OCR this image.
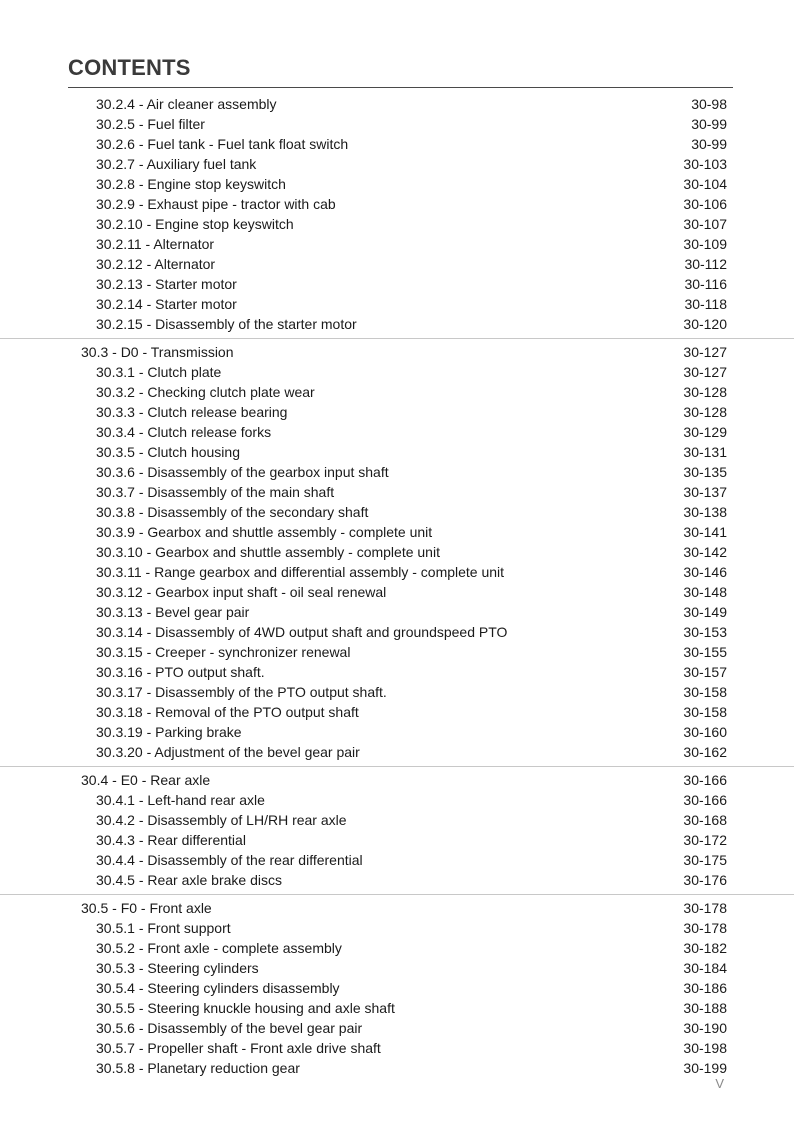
CONTENTS
30.2.4 - Air cleaner assembly	30-98
30.2.5 - Fuel filter	30-99
30.2.6 - Fuel tank - Fuel tank float switch	30-99
30.2.7 - Auxiliary fuel tank	30-103
30.2.8 - Engine stop keyswitch	30-104
30.2.9 - Exhaust pipe - tractor with cab	30-106
30.2.10 - Engine stop keyswitch	30-107
30.2.11 - Alternator	30-109
30.2.12 - Alternator	30-112
30.2.13 - Starter motor	30-116
30.2.14 - Starter motor	30-118
30.2.15 - Disassembly of the starter motor	30-120
30.3 - D0 - Transmission	30-127
30.3.1 - Clutch plate	30-127
30.3.2 - Checking clutch plate wear	30-128
30.3.3 - Clutch release bearing	30-128
30.3.4 - Clutch release forks	30-129
30.3.5 - Clutch housing	30-131
30.3.6 - Disassembly of the gearbox input shaft	30-135
30.3.7 - Disassembly of the main shaft	30-137
30.3.8 - Disassembly of the secondary shaft	30-138
30.3.9 - Gearbox and shuttle assembly - complete unit	30-141
30.3.10 - Gearbox and shuttle assembly - complete unit	30-142
30.3.11 - Range gearbox and differential assembly - complete unit	30-146
30.3.12 - Gearbox input shaft - oil seal renewal	30-148
30.3.13 - Bevel gear pair	30-149
30.3.14 - Disassembly of 4WD output shaft and groundspeed PTO	30-153
30.3.15 - Creeper - synchronizer renewal	30-155
30.3.16 - PTO output shaft.	30-157
30.3.17 - Disassembly of the PTO output shaft.	30-158
30.3.18 - Removal of the PTO output shaft	30-158
30.3.19 - Parking brake	30-160
30.3.20 - Adjustment of the bevel gear pair	30-162
30.4 - E0 - Rear axle	30-166
30.4.1 - Left-hand rear axle	30-166
30.4.2 - Disassembly of LH/RH rear axle	30-168
30.4.3 - Rear differential	30-172
30.4.4 - Disassembly of the rear differential	30-175
30.4.5 - Rear axle brake discs	30-176
30.5 - F0 - Front axle	30-178
30.5.1 - Front support	30-178
30.5.2 - Front axle - complete assembly	30-182
30.5.3 - Steering cylinders	30-184
30.5.4 - Steering cylinders disassembly	30-186
30.5.5 - Steering knuckle housing and axle shaft	30-188
30.5.6 - Disassembly of the bevel gear pair	30-190
30.5.7 - Propeller shaft - Front axle drive shaft	30-198
30.5.8 - Planetary reduction gear	30-199
V
